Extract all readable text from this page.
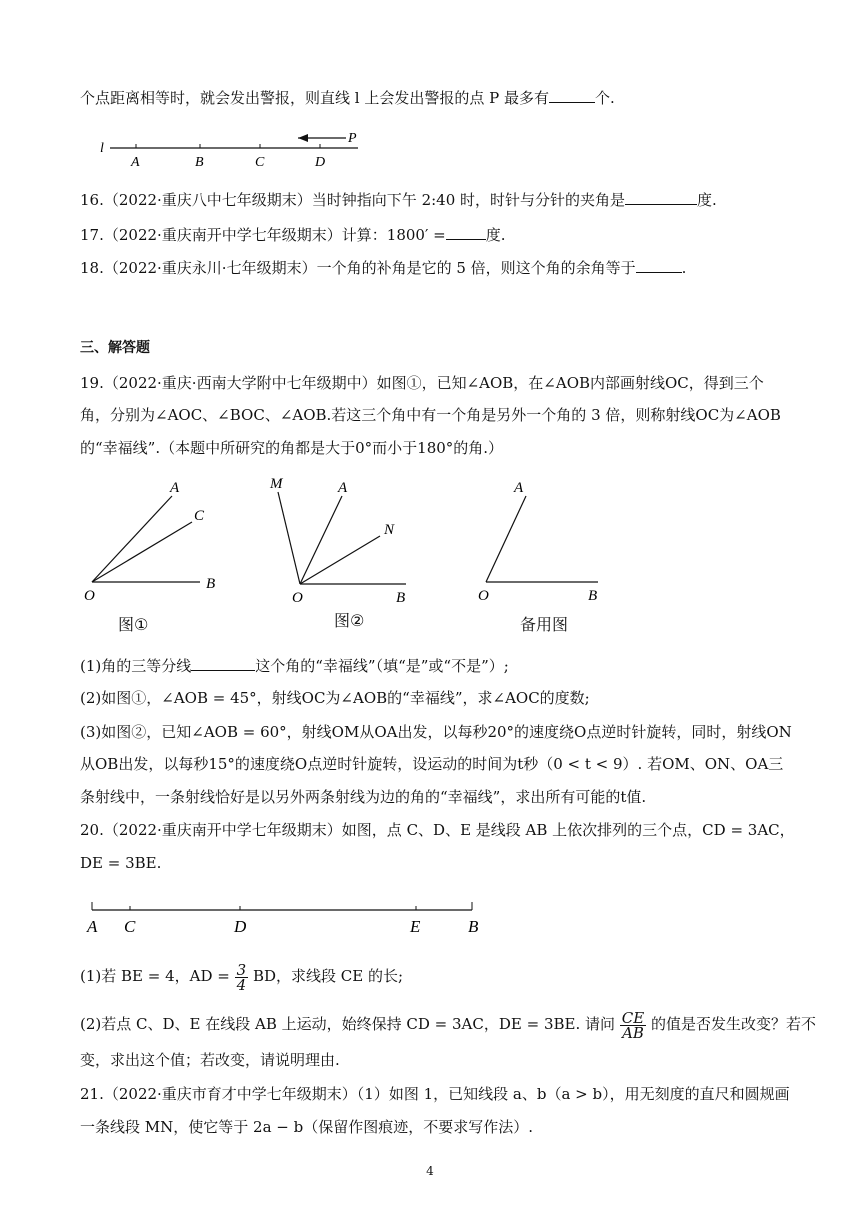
个点距离相等时，就会发出警报，则直线 l 上会发出警报的点 P 最多有	个.
l
A	B	C	D
P
16.（2022·重庆八中七年级期末）当时钟指向下午 2:40 时，时针与分针的夹角是	度.
17.（2022·重庆南开中学七年级期末）计算：1800′ =	度.
18.（2022·重庆永川·七年级期末）一个角的补角是它的 5 倍，则这个角的余角等于	.
三、解答题
19.（2022·重庆·西南大学附中七年级期中）如图①，已知∠AOB，在∠AOB内部画射线OC，得到三个
角，分别为∠AOC、∠BOC、∠AOB.若这三个角中有一个角是另外一个角的 3 倍，则称射线OC为∠AOB
的“幸福线”.（本题中所研究的角都是大于0°而小于180°的角.）
A
C
O
B
M	A
N
O	B
A
O	B
图①	图②	备用图
(1)角的三等分线	这个角的“幸福线”（填“是”或“不是”）;
(2)如图①，∠AOB = 45°，射线OC为∠AOB的“幸福线”，求∠AOC的度数;
(3)如图②，已知∠AOB = 60°，射线OM从OA出发，以每秒20°的速度绕O点逆时针旋转，同时，射线ON
从OB出发，以每秒15°的速度绕O点逆时针旋转，设运动的时间为t秒（0 < t < 9）. 若OM、ON、OA三
条射线中，一条射线恰好是以另外两条射线为边的角的“幸福线”，求出所有可能的t值.
20.（2022·重庆南开中学七年级期末）如图，点 C、D、E 是线段 AB 上依次排列的三个点，CD = 3AC，
DE = 3BE.
A C	D	E	B
(1)若 BE = 4，AD = $\frac{3}{4}$ BD，求线段 CE 的长;
(2)若点 C、D、E 在线段 AB 上运动，始终保持 CD = 3AC，DE = 3BE. 请问 $\frac{CE}{AB}$ 的值是否发生改变？若不
变，求出这个值；若改变，请说明理由.
21.（2022·重庆市育才中学七年级期末）（1）如图 1，已知线段 a、b（a > b），用无刻度的直尺和圆规画
一条线段 MN，使它等于 2a − b（保留作图痕迹，不要求写作法）.
4
